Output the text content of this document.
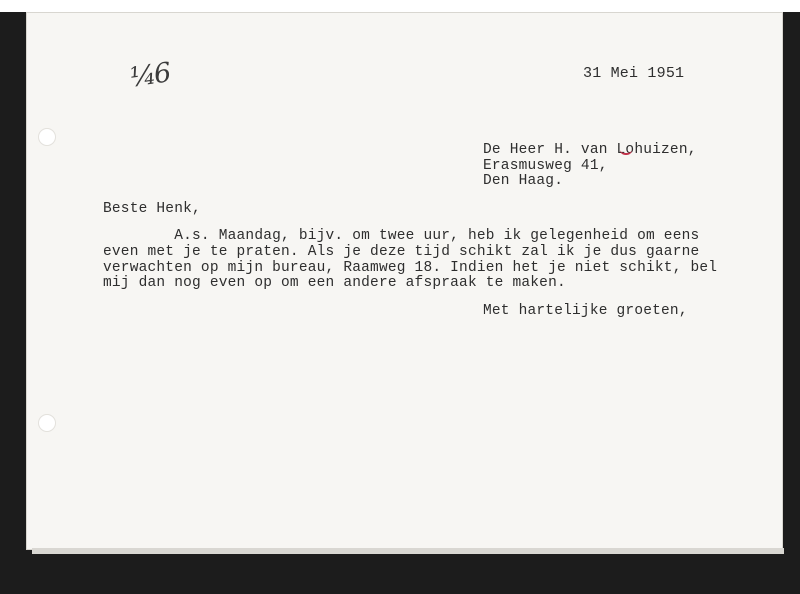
¼6	31 Mei 1951
De Heer H. van Lohuizen,
Erasmusweg 41,
Den Haag.
Beste Henk,
A.s. Maandag, bijv. om twee uur, heb ik gelegenheid om eens
even met je te praten. Als je deze tijd schikt zal ik je dus gaarne
verwachten op mijn bureau, Raamweg 18. Indien het je niet schikt, bel
mij dan nog even op om een andere afspraak te maken.
Met hartelijke groeten,
